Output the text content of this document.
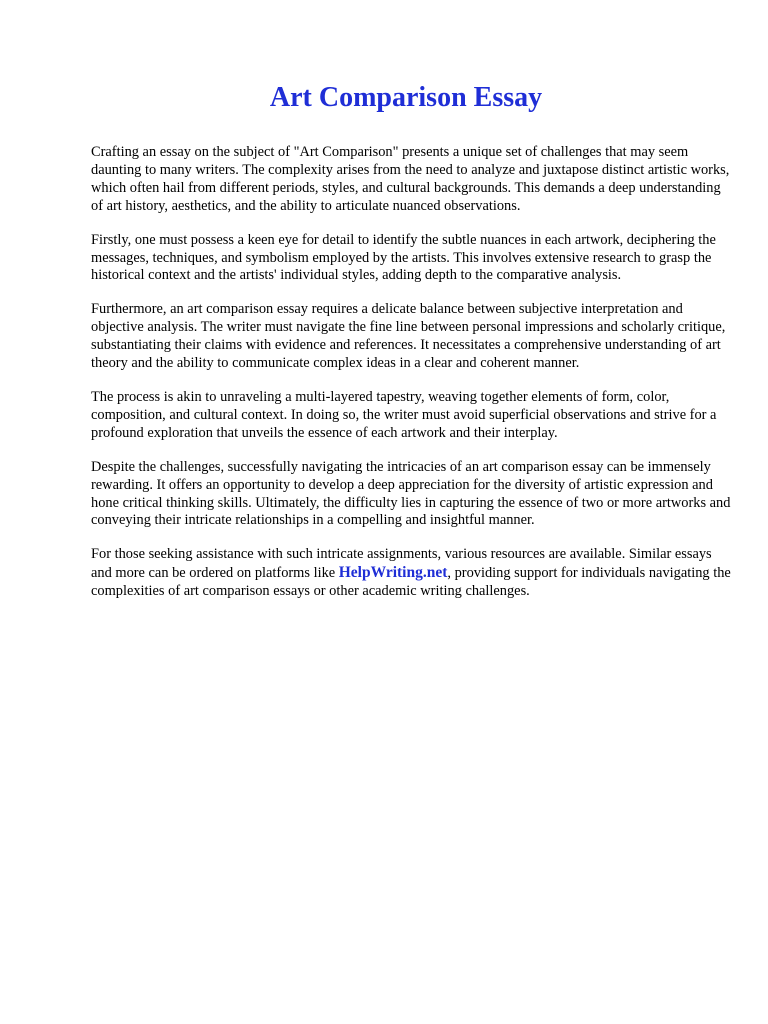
Art Comparison Essay

Crafting an essay on the subject of "Art Comparison" presents a unique set of challenges that may seem daunting to many writers. The complexity arises from the need to analyze and juxtapose distinct artistic works, which often hail from different periods, styles, and cultural backgrounds. This demands a deep understanding of art history, aesthetics, and the ability to articulate nuanced observations.

Firstly, one must possess a keen eye for detail to identify the subtle nuances in each artwork, deciphering the messages, techniques, and symbolism employed by the artists. This involves extensive research to grasp the historical context and the artists' individual styles, adding depth to the comparative analysis.

Furthermore, an art comparison essay requires a delicate balance between subjective interpretation and objective analysis. The writer must navigate the fine line between personal impressions and scholarly critique, substantiating their claims with evidence and references. It necessitates a comprehensive understanding of art theory and the ability to communicate complex ideas in a clear and coherent manner.

The process is akin to unraveling a multi-layered tapestry, weaving together elements of form, color, composition, and cultural context. In doing so, the writer must avoid superficial observations and strive for a profound exploration that unveils the essence of each artwork and their interplay.

Despite the challenges, successfully navigating the intricacies of an art comparison essay can be immensely rewarding. It offers an opportunity to develop a deep appreciation for the diversity of artistic expression and hone critical thinking skills. Ultimately, the difficulty lies in capturing the essence of two or more artworks and conveying their intricate relationships in a compelling and insightful manner.

For those seeking assistance with such intricate assignments, various resources are available. Similar essays and more can be ordered on platforms like HelpWriting.net, providing support for individuals navigating the complexities of art comparison essays or other academic writing challenges.
